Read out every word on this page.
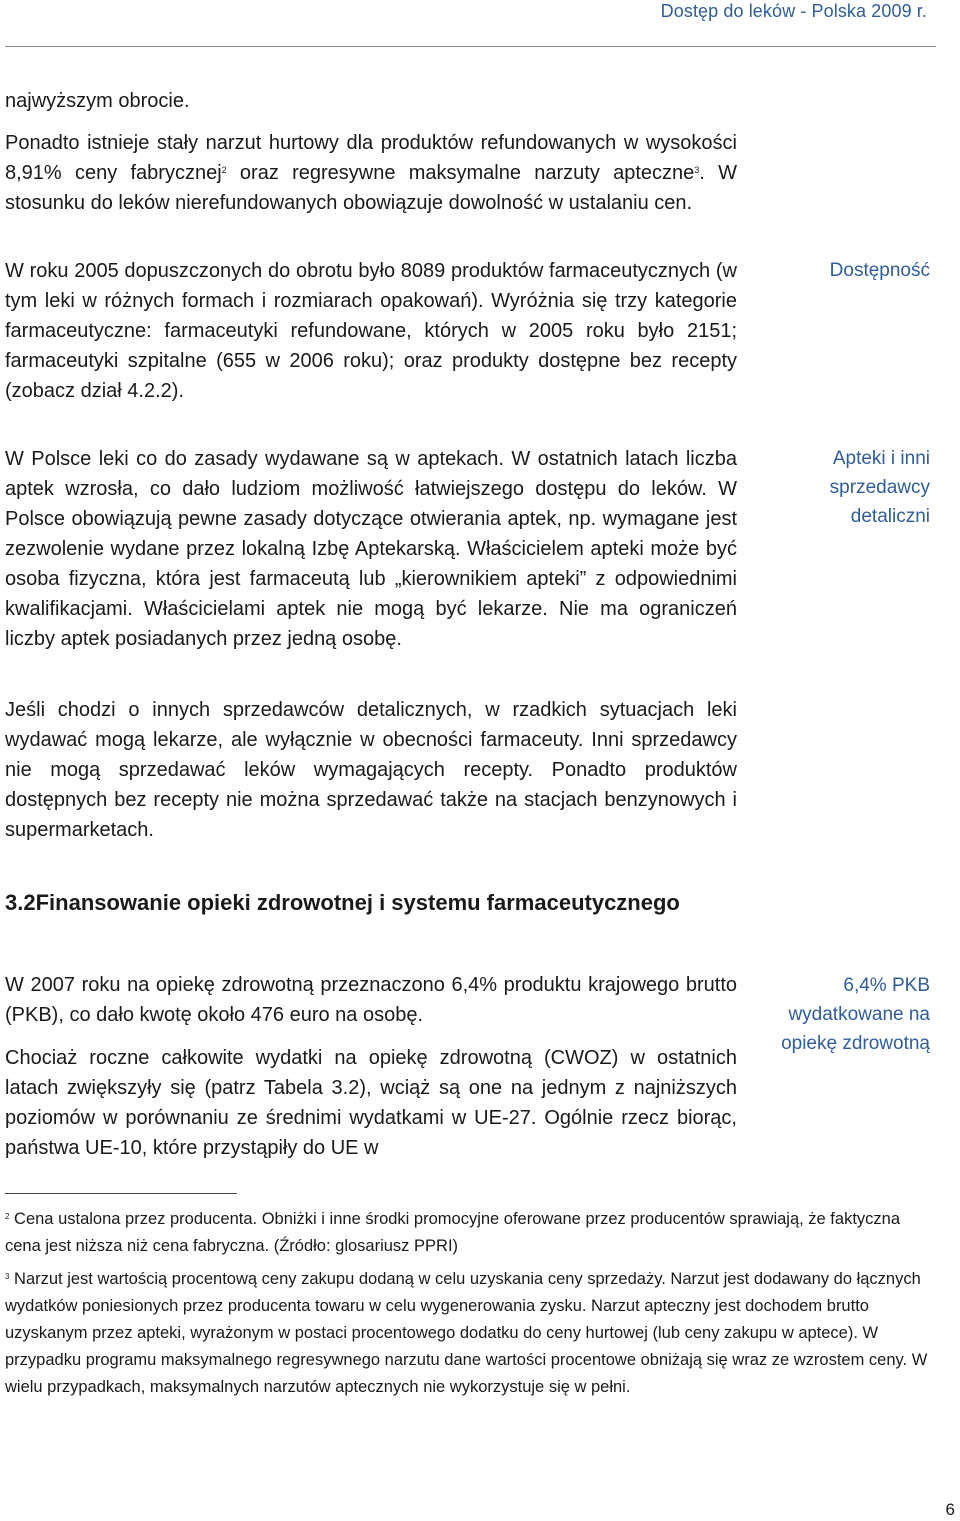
Dostęp do leków - Polska 2009 r.

najwyższym obrocie.

Ponadto istnieje stały narzut hurtowy dla produktów refundowanych w wysokości 8,91% ceny fabrycznej$^2$ oraz regresywne maksymalne narzuty apteczne$^3$. W stosunku do leków nierefundowanych obowiązuje dowolność w ustalaniu cen.

W roku 2005 dopuszczonych do obrotu było 8089 produktów farmaceutycznych (w tym leki w różnych formach i rozmiarach opakowań). Wyróżnia się trzy kategorie farmaceutyczne: farmaceutyki refundowane, których w 2005 roku było 2151; farmaceutyki szpitalne (655 w 2006 roku); oraz produkty dostępne bez recepty (zobacz dział 4.2.2).

W Polsce leki co do zasady wydawane są w aptekach. W ostatnich latach liczba aptek wzrosła, co dało ludziom możliwość łatwiejszego dostępu do leków. W Polsce obowiązują pewne zasady dotyczące otwierania aptek, np. wymagane jest zezwolenie wydane przez lokalną Izbę Aptekarską. Właścicielem apteki może być osoba fizyczna, która jest farmaceutą lub „kierownikiem apteki” z odpowiednimi kwalifikacjami. Właścicielami aptek nie mogą być lekarze. Nie ma ograniczeń liczby aptek posiadanych przez jedną osobę.

Jeśli chodzi o innych sprzedawców detalicznych, w rzadkich sytuacjach leki wydawać mogą lekarze, ale wyłącznie w obecności farmaceuty. Inni sprzedawcy nie mogą sprzedawać leków wymagających recepty. Ponadto produktów dostępnych bez recepty nie można sprzedawać także na stacjach benzynowych i supermarketach.

3.2Finansowanie opieki zdrowotnej i systemu farmaceutycznego

W 2007 roku na opiekę zdrowotną przeznaczono 6,4% produktu krajowego brutto (PKB), co dało kwotę około 476 euro na osobę.

Chociaż roczne całkowite wydatki na opiekę zdrowotną (CWOZ) w ostatnich latach zwiększyły się (patrz Tabela 3.2), wciąż są one na jednym z najniższych poziomów w porównaniu ze średnimi wydatkami w UE-27. Ogólnie rzecz biorąc, państwa UE-10, które przystąpiły do UE w

Dostępność
Apteki i inni
sprzedawcy
detaliczni
6,4% PKB
wydatkowane na
opiekę zdrowotną

$^2$ Cena ustalona przez producenta. Obniżki i inne środki promocyjne oferowane przez producentów sprawiają, że faktyczna cena jest niższa niż cena fabryczna. (Źródło: glosariusz PPRI)

$^3$ Narzut jest wartością procentową ceny zakupu dodaną w celu uzyskania ceny sprzedaży. Narzut jest dodawany do łącznych wydatków poniesionych przez producenta towaru w celu wygenerowania zysku. Narzut apteczny jest dochodem brutto uzyskanym przez apteki, wyrażonym w postaci procentowego dodatku do ceny hurtowej (lub ceny zakupu w aptece). W przypadku programu maksymalnego regresywnego narzutu dane wartości procentowe obniżają się wraz ze wzrostem ceny. W wielu przypadkach, maksymalnych narzutów aptecznych nie wykorzystuje się w pełni.

6
